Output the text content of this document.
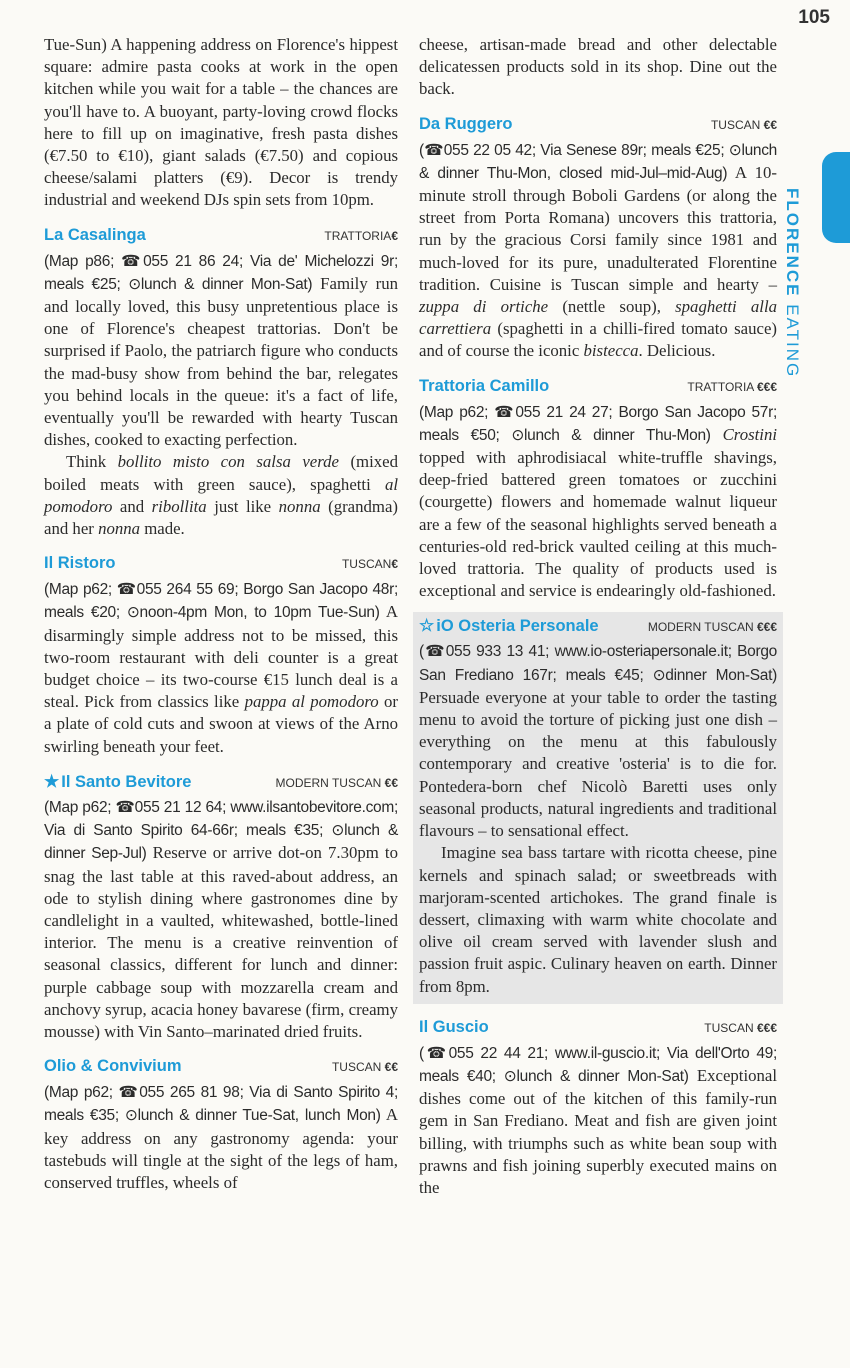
105
FLORENCE EATING

Tue-Sun) A happening address on Florence's hippest square: admire pasta cooks at work in the open kitchen while you wait for a table – the chances are you'll have to. A buoyant, party-loving crowd flocks here to fill up on imaginative, fresh pasta dishes (€7.50 to €10), giant salads (€7.50) and copious cheese/salami platters (€9). Decor is trendy industrial and weekend DJs spin sets from 10pm.

La Casalinga	TRATTORIA€

(Map p86; ☎055 21 86 24; Via de' Michelozzi 9r; meals €25; ⊙lunch & dinner Mon-Sat) Family run and locally loved, this busy unpretentious place is one of Florence's cheapest trattorias. Don't be surprised if Paolo, the patriarch figure who conducts the mad-busy show from behind the bar, relegates you behind locals in the queue: it's a fact of life, eventually you'll be rewarded with hearty Tuscan dishes, cooked to exacting perfection.

Think bollito misto con salsa verde (mixed boiled meats with green sauce), spaghetti al pomodoro and ribollita just like nonna (grandma) and her nonna made.

Il Ristoro	TUSCAN€

(Map p62; ☎055 264 55 69; Borgo San Jacopo 48r; meals €20; ⊙noon-4pm Mon, to 10pm Tue-Sun) A disarmingly simple address not to be missed, this two-room restaurant with deli counter is a great budget choice – its two-course €15 lunch deal is a steal. Pick from classics like pappa al pomodoro or a plate of cold cuts and swoon at views of the Arno swirling beneath your feet.

★ Il Santo Bevitore	MODERN TUSCAN €€

(Map p62; ☎055 21 12 64; www.ilsantobevitore.com; Via di Santo Spirito 64-66r; meals €35; ⊙lunch & dinner Sep-Jul) Reserve or arrive dot-on 7.30pm to snag the last table at this raved-about address, an ode to stylish dining where gastronomes dine by candlelight in a vaulted, whitewashed, bottle-lined interior. The menu is a creative reinvention of seasonal classics, different for lunch and dinner: purple cabbage soup with mozzarella cream and anchovy syrup, acacia honey bavarese (firm, creamy mousse) with Vin Santo–marinated dried fruits.

Olio & Convivium	TUSCAN €€

(Map p62; ☎055 265 81 98; Via di Santo Spirito 4; meals €35; ⊙lunch & dinner Tue-Sat, lunch Mon) A key address on any gastronomy agenda: your tastebuds will tingle at the sight of the legs of ham, conserved truffles, wheels of

cheese, artisan-made bread and other delectable delicatessen products sold in its shop. Dine out the back.

Da Ruggero	TUSCAN €€

(☎055 22 05 42; Via Senese 89r; meals €25; ⊙lunch & dinner Thu-Mon, closed mid-Jul–mid-Aug) A 10-minute stroll through Boboli Gardens (or along the street from Porta Romana) uncovers this trattoria, run by the gracious Corsi family since 1981 and much-loved for its pure, unadulterated Florentine tradition. Cuisine is Tuscan simple and hearty – zuppa di ortiche (nettle soup), spaghetti alla carrettiera (spaghetti in a chilli-fired tomato sauce) and of course the iconic bistecca. Delicious.

Trattoria Camillo	TRATTORIA €€€

(Map p62; ☎055 21 24 27; Borgo San Jacopo 57r; meals €50; ⊙lunch & dinner Thu-Mon) Crostini topped with aphrodisiacal white-truffle shavings, deep-fried battered green tomatoes or zucchini (courgette) flowers and homemade walnut liqueur are a few of the seasonal highlights served beneath a centuries-old red-brick vaulted ceiling at this much-loved trattoria. The quality of products used is exceptional and service is endearingly old-fashioned.

☆ iO Osteria Personale	MODERN TUSCAN €€€

(☎055 933 13 41; www.io-osteriapersonale.it; Borgo San Frediano 167r; meals €45; ⊙dinner Mon-Sat) Persuade everyone at your table to order the tasting menu to avoid the torture of picking just one dish – everything on the menu at this fabulously contemporary and creative 'osteria' is to die for. Pontedera-born chef Nicolò Baretti uses only seasonal products, natural ingredients and traditional flavours – to sensational effect.

Imagine sea bass tartare with ricotta cheese, pine kernels and spinach salad; or sweetbreads with marjoram-scented artichokes. The grand finale is dessert, climaxing with warm white chocolate and olive oil cream served with lavender slush and passion fruit aspic. Culinary heaven on earth. Dinner from 8pm.

Il Guscio	TUSCAN €€€

(☎055 22 44 21; www.il-guscio.it; Via dell'Orto 49; meals €40; ⊙lunch & dinner Mon-Sat) Exceptional dishes come out of the kitchen of this family-run gem in San Frediano. Meat and fish are given joint billing, with triumphs such as white bean soup with prawns and fish joining superbly executed mains on the
